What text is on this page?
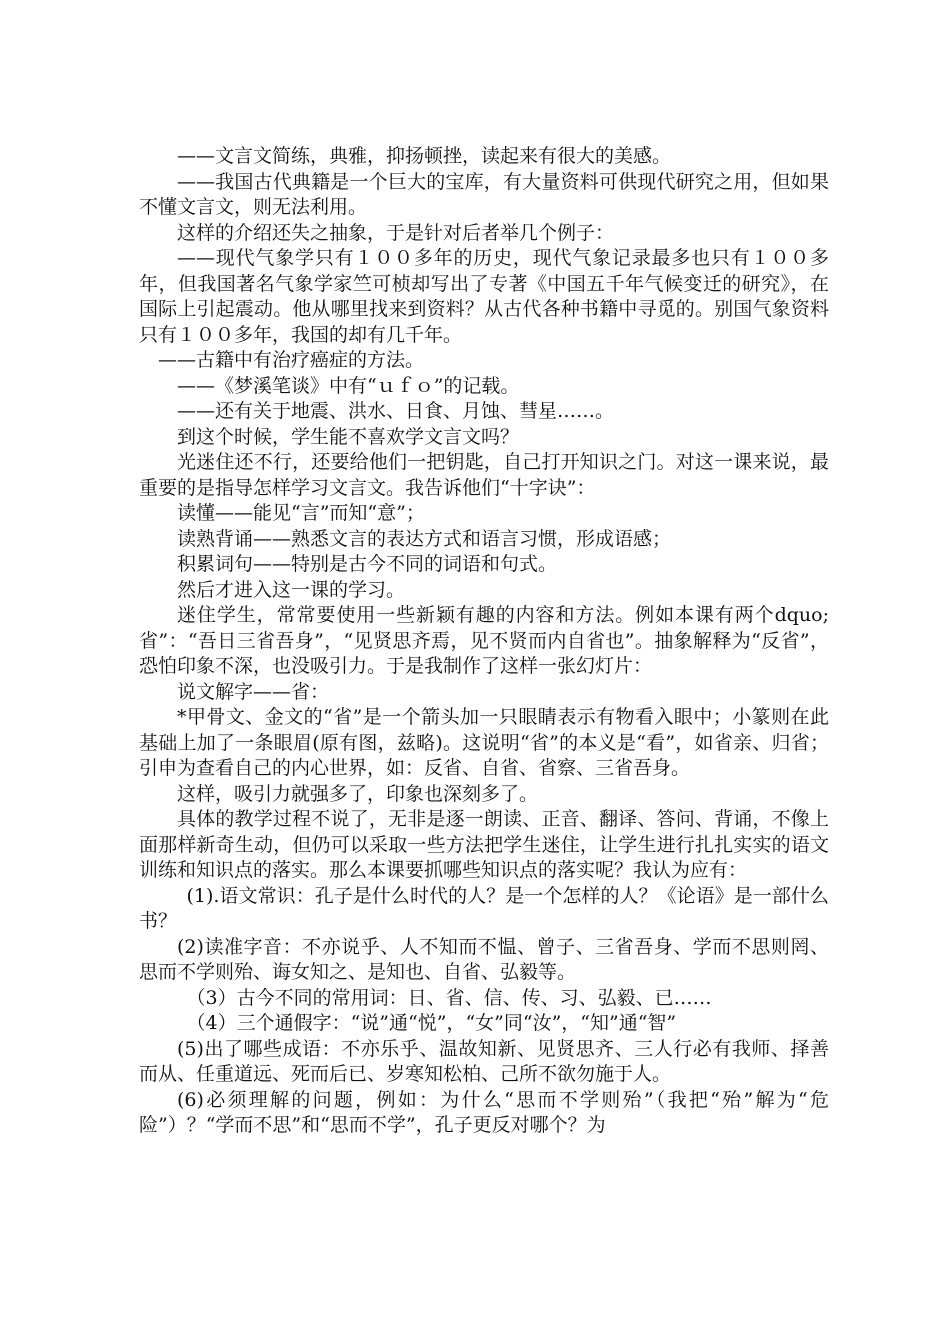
——文言文简练，典雅，抑扬顿挫，读起来有很大的美感。

——我国古代典籍是一个巨大的宝库，有大量资料可供现代研究之用，但如果不懂文言文，则无法利用。

这样的介绍还失之抽象，于是针对后者举几个例子：

——现代气象学只有１００多年的历史，现代气象记录最多也只有１００多年，但我国著名气象学家竺可桢却写出了专著《中国五千年气候变迁的研究》，在国际上引起震动。他从哪里找来到资料？从古代各种书籍中寻觅的。别国气象资料只有１００多年，我国的却有几千年。

——古籍中有治疗癌症的方法。

——《梦溪笔谈》中有“ｕｆｏ”的记载。

——还有关于地震、洪水、日食、月蚀、彗星……。

到这个时候，学生能不喜欢学文言文吗？

光迷住还不行，还要给他们一把钥匙，自己打开知识之门。对这一课来说，最重要的是指导怎样学习文言文。我告诉他们“十字诀”：

读懂——能见“言”而知“意”；

读熟背诵——熟悉文言的表达方式和语言习惯，形成语感；

积累词句——特别是古今不同的词语和句式。

然后才进入这一课的学习。

迷住学生，常常要使用一些新颖有趣的内容和方法。例如本课有两个dquo;省”：“吾日三省吾身”，“见贤思齐焉，见不贤而内自省也”。抽象解释为“反省”，恐怕印象不深，也没吸引力。于是我制作了这样一张幻灯片：

说文解字——省：

*甲骨文、金文的“省”是一个箭头加一只眼睛表示有物看入眼中；小篆则在此基础上加了一条眼眉(原有图，兹略)。这说明“省”的本义是“看”，如省亲、归省；引申为查看自己的内心世界，如：反省、自省、省察、三省吾身。

这样，吸引力就强多了，印象也深刻多了。

具体的教学过程不说了，无非是逐一朗读、正音、翻译、答问、背诵，不像上面那样新奇生动，但仍可以采取一些方法把学生迷住，让学生进行扎扎实实的语文训练和知识点的落实。那么本课要抓哪些知识点的落实呢？我认为应有：

(1).语文常识：孔子是什么时代的人？是一个怎样的人？《论语》是一部什么书？

(2)读准字音：不亦说乎、人不知而不愠、曾子、三省吾身、学而不思则罔、思而不学则殆、诲女知之、是知也、自省、弘毅等。

（3）古今不同的常用词：日、省、信、传、习、弘毅、已……

（4）三个通假字：“说”通“悦”，“女”同“汝”，“知”通“智”

(5)出了哪些成语：不亦乐乎、温故知新、见贤思齐、三人行必有我师、择善而从、任重道远、死而后已、岁寒知松柏、己所不欲勿施于人。

(6)必须理解的问题，例如：为什么“思而不学则殆”（我把“殆”解为“危险”）？“学而不思”和“思而不学”，孔子更反对哪个？为
